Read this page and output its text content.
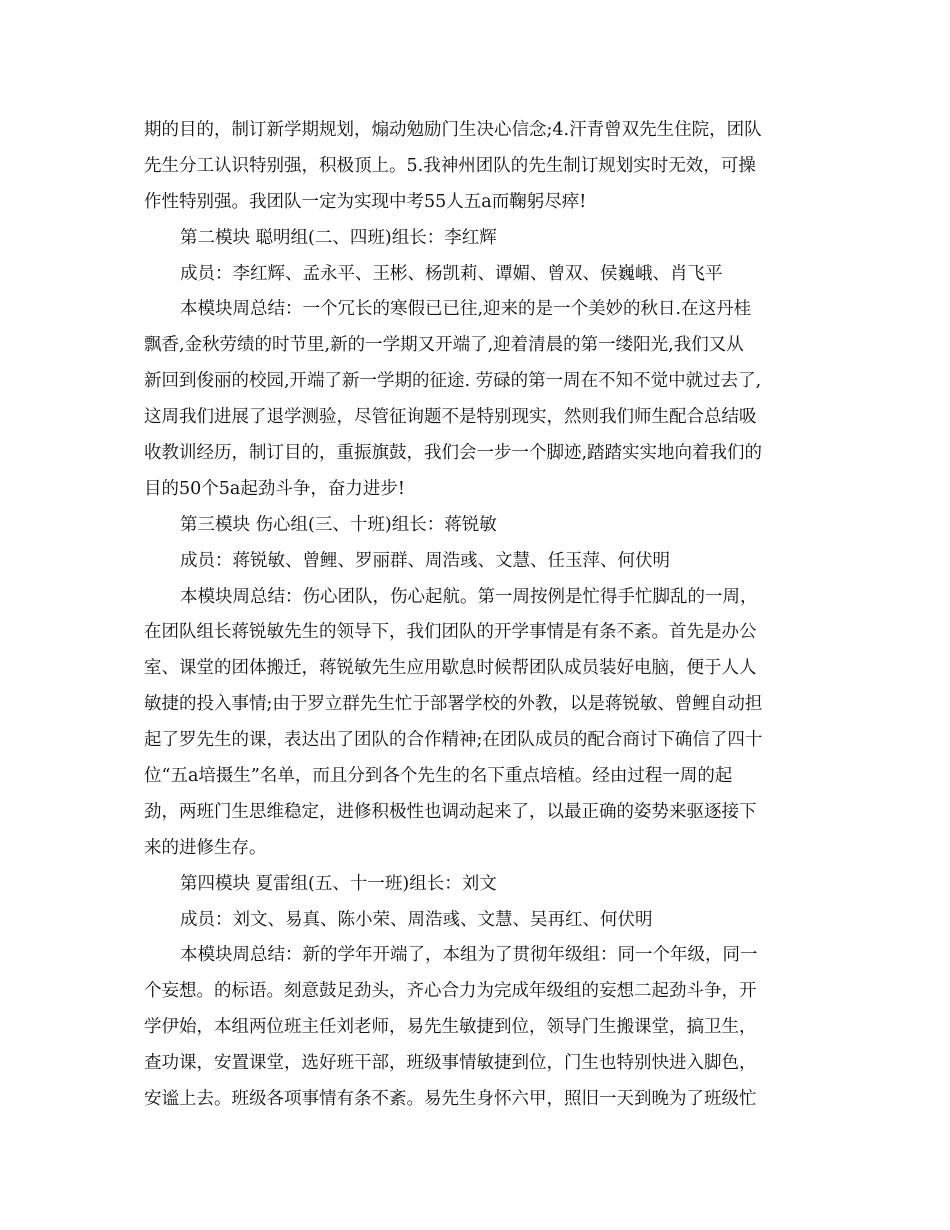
期的目的，制订新学期规划，煽动勉励门生决心信念;4.汗青曾双先生住院，团队
先生分工认识特别强，积极顶上。5.我神州团队的先生制订规划实时无效，可操
作性特别强。我团队一定为实现中考55人五a而鞠躬尽瘁!
第二模块 聪明组(二、四班)组长：李红辉
成员：李红辉、孟永平、王彬、杨凯莉、谭媚、曾双、侯巍峨、肖飞平
本模块周总结：一个冗长的寒假已已往,迎来的是一个美妙的秋日.在这丹桂
飘香,金秋劳绩的时节里,新的一学期又开端了,迎着清晨的第一缕阳光,我们又从
新回到俊丽的校园,开端了新一学期的征途. 劳碌的第一周在不知不觉中就过去了,
这周我们进展了退学测验，尽管征询题不是特别现实，然则我们师生配合总结吸
收教训经历，制订目的，重振旗鼓，我们会一步一个脚迹,踏踏实实地向着我们的
目的50个5a起劲斗争，奋力进步!
第三模块 伤心组(三、十班)组长：蒋锐敏
成员：蒋锐敏、曾鲤、罗丽群、周浩彧、文慧、任玉萍、何伏明
本模块周总结：伤心团队，伤心起航。第一周按例是忙得手忙脚乱的一周，
在团队组长蒋锐敏先生的领导下，我们团队的开学事情是有条不紊。首先是办公
室、课堂的团体搬迁，蒋锐敏先生应用歇息时候帮团队成员装好电脑，便于人人
敏捷的投入事情;由于罗立群先生忙于部署学校的外教，以是蒋锐敏、曾鲤自动担
起了罗先生的课，表达出了团队的合作精神;在团队成员的配合商讨下确信了四十
位“五a培摄生”名单，而且分到各个先生的名下重点培植。经由过程一周的起
劲，两班门生思维稳定，进修积极性也调动起来了，以最正确的姿势来驱逐接下
来的进修生存。
第四模块 夏雷组(五、十一班)组长：刘文
成员：刘文、易真、陈小荣、周浩彧、文慧、吴再红、何伏明
本模块周总结：新的学年开端了，本组为了贯彻年级组：同一个年级，同一
个妄想。的标语。刻意鼓足劲头，齐心合力为完成年级组的妄想二起劲斗争，开
学伊始，本组两位班主任刘老师，易先生敏捷到位，领导门生搬课堂，搞卫生，
查功课，安置课堂，选好班干部，班级事情敏捷到位，门生也特别快进入脚色，
安谧上去。班级各项事情有条不紊。易先生身怀六甲，照旧一天到晚为了班级忙
